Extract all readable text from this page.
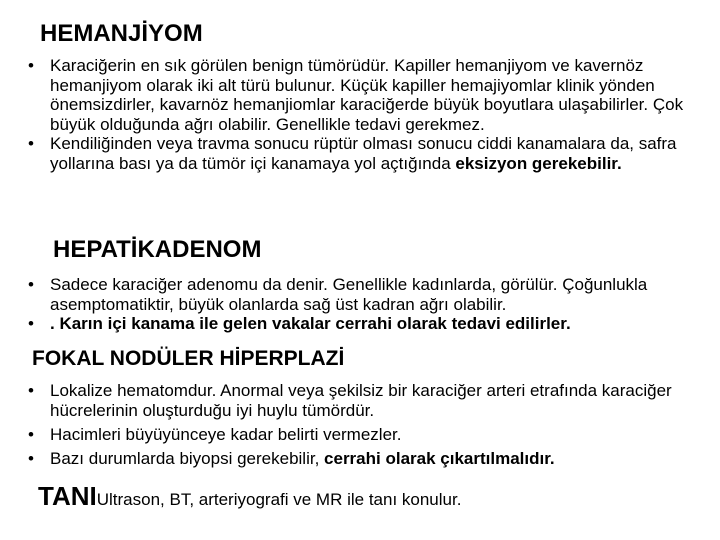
HEMANJİYOM
• Karaciğerin en sık görülen benign tümörüdür. Kapiller hemanjiyom ve kavernöz hemanjiyom olarak iki alt türü bulunur. Küçük kapiller hemajiyomlar klinik yönden önemsizdirler, kavarnöz hemanjiomlar karaciğerde büyük boyutlara ulaşabilirler. Çok büyük olduğunda ağrı olabilir. Genellikle tedavi gerekmez.
• Kendiliğinden veya travma sonucu rüptür olması sonucu ciddi kanamalara da, safra yollarına bası ya da tümör içi kanamaya yol açtığında eksizyon gerekebilir.
HEPATİKADENOM
• Sadece karaciğer adenomu da denir. Genellikle kadınlarda, görülür. Çoğunlukla asemptomatiktir, büyük olanlarda sağ üst kadran ağrı olabilir.
• . Karın içi kanama ile gelen vakalar cerrahi olarak tedavi edilirler.
FOKAL NODÜLER HİPERPLAZİ
• Lokalize hematomdur. Anormal veya şekilsiz bir karaciğer arteri etrafında karaciğer hücrelerinin oluşturduğu iyi huylu tümördür.
• Hacimleri büyüyünceye kadar belirti vermezler.
• Bazı durumlarda biyopsi gerekebilir, cerrahi olarak çıkartılmalıdır.
TANIUltrason, BT, arteriyografi ve MR ile tanı konulur.
